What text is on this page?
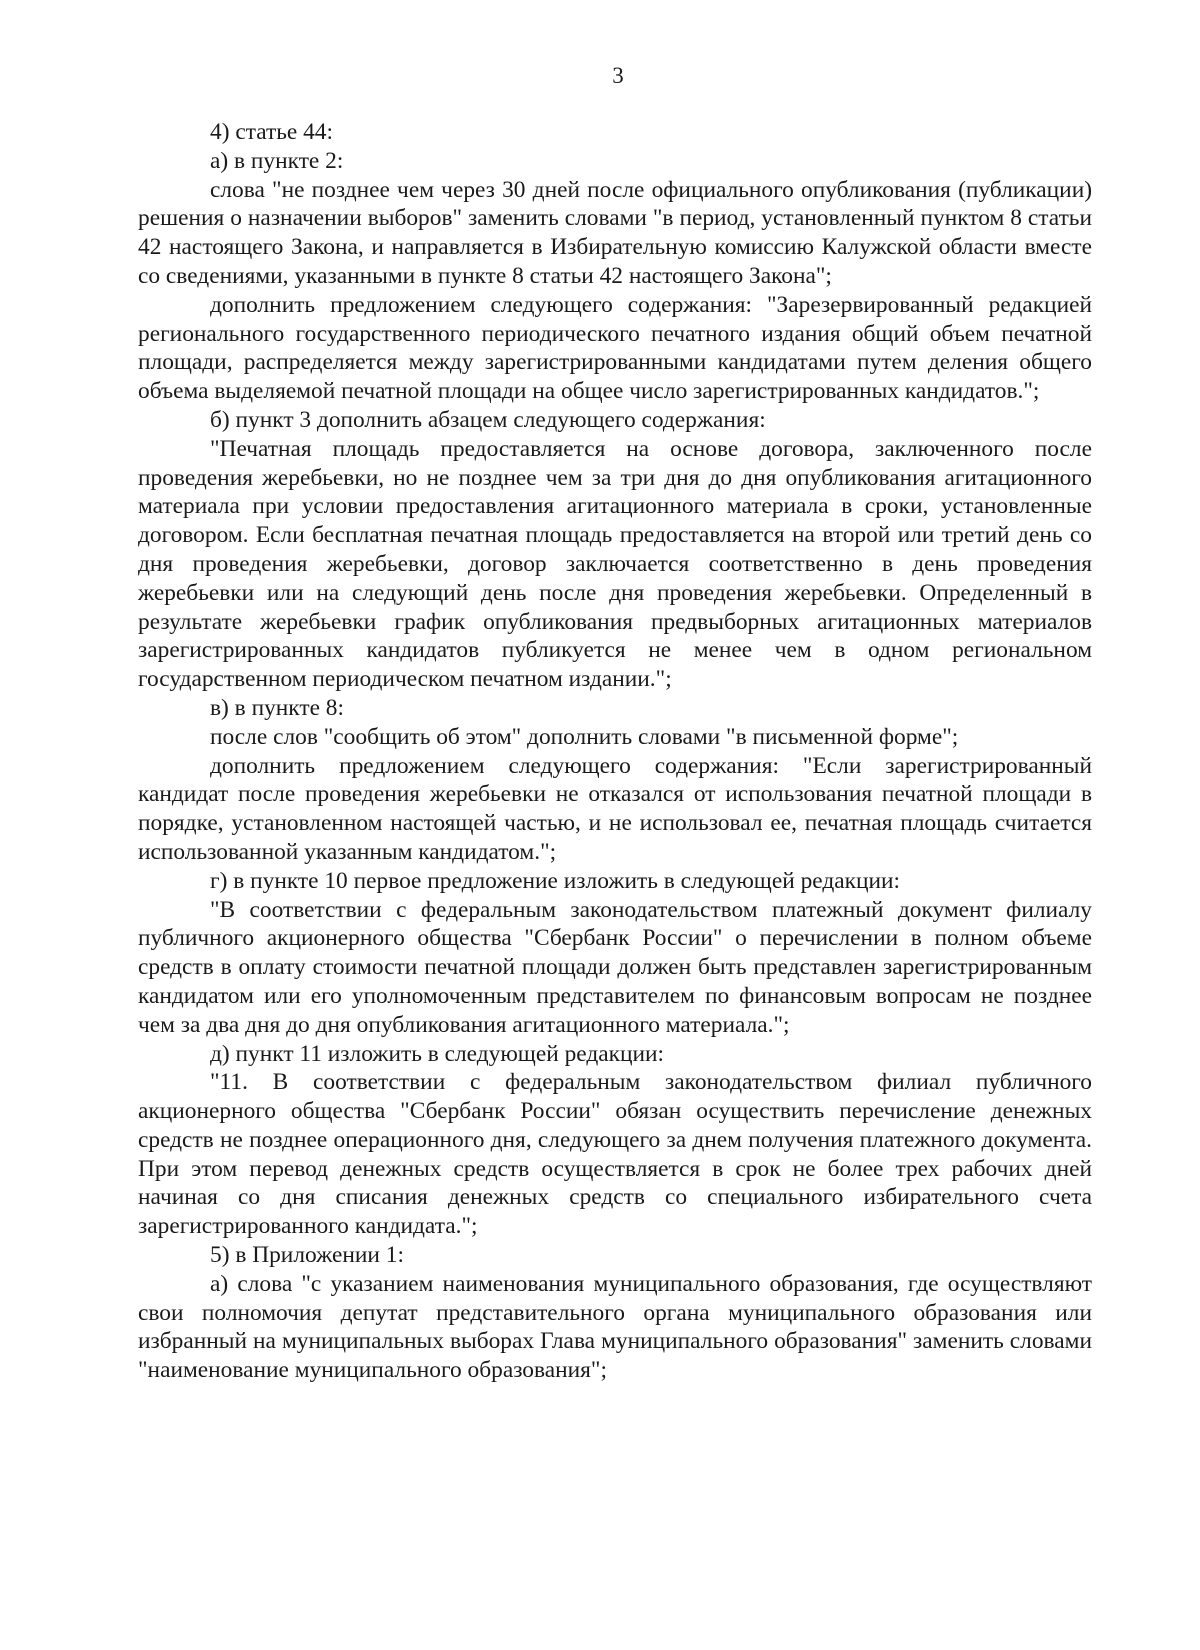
3

4) статье 44:

а) в пункте 2:

слова "не позднее чем через 30 дней после официального опубликования (публикации) решения о назначении выборов" заменить словами "в период, установленный пунктом 8 статьи 42 настоящего Закона, и направляется в Избирательную комиссию Калужской области вместе со сведениями, указанными в пункте 8 статьи 42 настоящего Закона";

дополнить предложением следующего содержания: "Зарезервированный редакцией регионального государственного периодического печатного издания общий объем печатной площади, распределяется между зарегистрированными кандидатами путем деления общего объема выделяемой печатной площади на общее число зарегистрированных кандидатов.";

б) пункт 3 дополнить абзацем следующего содержания:

"Печатная площадь предоставляется на основе договора, заключенного после проведения жеребьевки, но не позднее чем за три дня до дня опубликования агитационного материала при условии предоставления агитационного материала в сроки, установленные договором. Если бесплатная печатная площадь предоставляется на второй или третий день со дня проведения жеребьевки, договор заключается соответственно в день проведения жеребьевки или на следующий день после дня проведения жеребьевки. Определенный в результате жеребьевки график опубликования предвыборных агитационных материалов зарегистрированных кандидатов публикуется не менее чем в одном региональном государственном периодическом печатном издании.";

в) в пункте 8:

после слов "сообщить об этом" дополнить словами "в письменной форме";

дополнить предложением следующего содержания: "Если зарегистрированный кандидат после проведения жеребьевки не отказался от использования печатной площади в порядке, установленном настоящей частью, и не использовал ее, печатная площадь считается использованной указанным кандидатом.";

г) в пункте 10 первое предложение изложить в следующей редакции:

"В соответствии с федеральным законодательством платежный документ филиалу публичного акционерного общества "Сбербанк России" о перечислении в полном объеме средств в оплату стоимости печатной площади должен быть представлен зарегистрированным кандидатом или его уполномоченным представителем по финансовым вопросам не позднее чем за два дня до дня опубликования агитационного материала.";

д) пункт 11 изложить в следующей редакции:

"11. В соответствии с федеральным законодательством филиал публичного акционерного общества "Сбербанк России" обязан осуществить перечисление денежных средств не позднее операционного дня, следующего за днем получения платежного документа. При этом перевод денежных средств осуществляется в срок не более трех рабочих дней начиная со дня списания денежных средств со специального избирательного счета зарегистрированного кандидата.";

5) в Приложении 1:

а) слова "с указанием наименования муниципального образования, где осуществляют свои полномочия депутат представительного органа муниципального образования или избранный на муниципальных выборах Глава муниципального образования" заменить словами "наименование муниципального образования";
